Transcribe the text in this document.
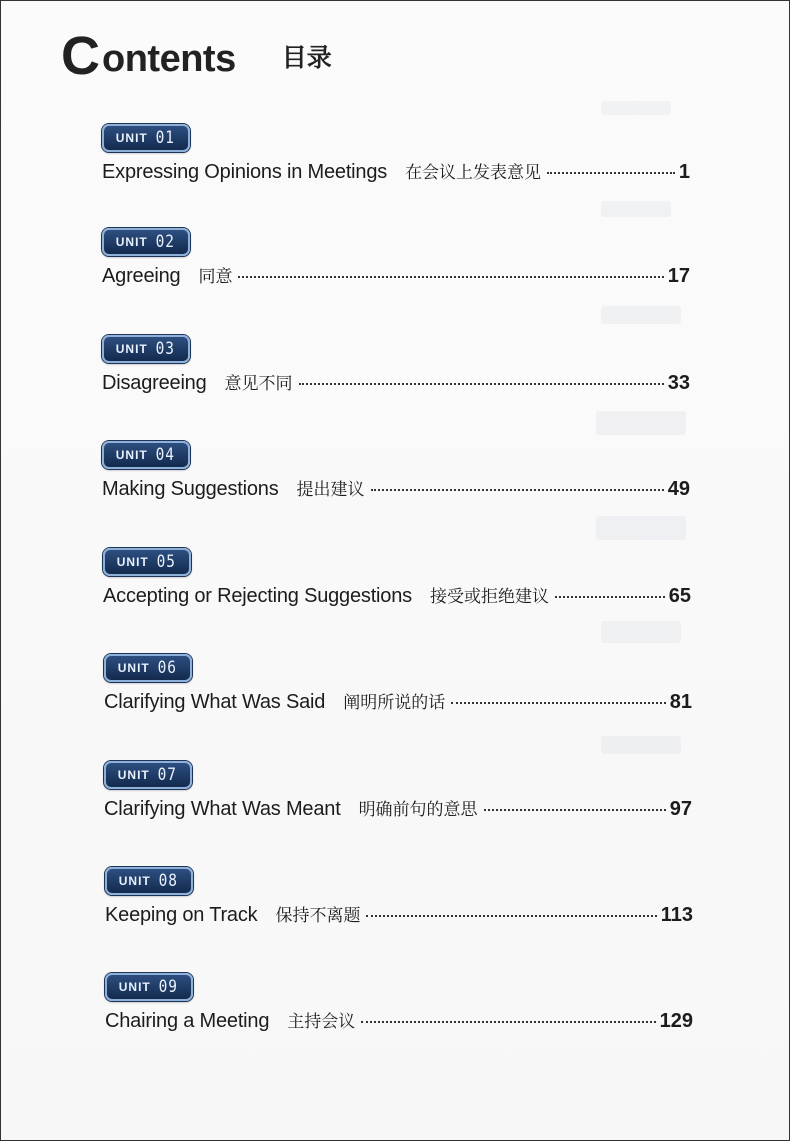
C ontents 目录
UNIT 01
Expressing Opinions in Meetings 在会议上发表意见	1
UNIT 02
Agreeing 同意	17
UNIT 03
Disagreeing 意见不同	33
UNIT 04
Making Suggestions 提出建议	49
UNIT 05
Accepting or Rejecting Suggestions 接受或拒绝建议	65
UNIT 06
Clarifying What Was Said 阐明所说的话	81
UNIT 07
Clarifying What Was Meant 明确前句的意思	97
UNIT 08
Keeping on Track 保持不离题	113
UNIT 09
Chairing a Meeting 主持会议	129
